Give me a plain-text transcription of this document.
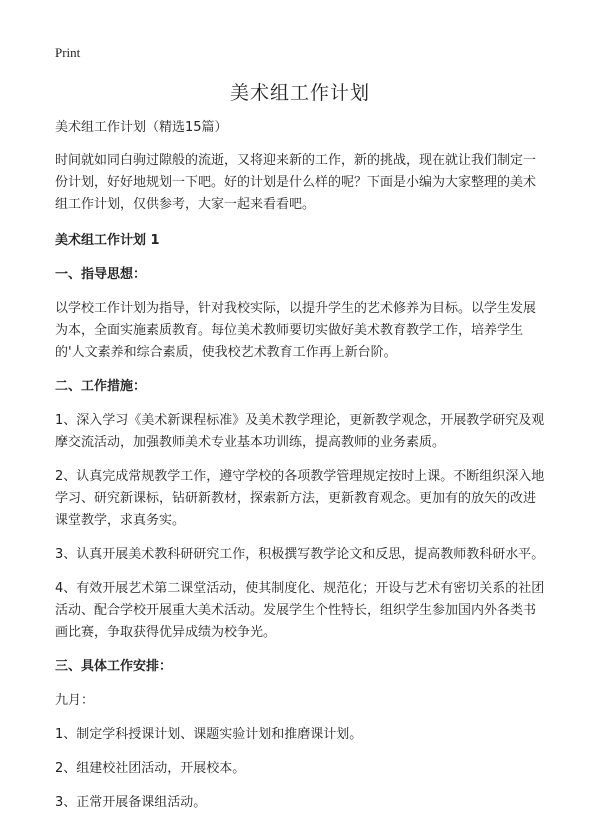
Print
美术组工作计划

美术组工作计划（精选15篇）

时间就如同白驹过隙般的流逝，又将迎来新的工作，新的挑战，现在就让我们制定一份计划，好好地规划一下吧。好的计划是什么样的呢？下面是小编为大家整理的美术组工作计划，仅供参考，大家一起来看看吧。

美术组工作计划 1

一、指导思想：

以学校工作计划为指导，针对我校实际，以提升学生的艺术修养为目标。以学生发展为本，全面实施素质教育。每位美术教师要切实做好美术教育教学工作，培养学生的'人文素养和综合素质，使我校艺术教育工作再上新台阶。

二、工作措施：

1、深入学习《美术新课程标准》及美术教学理论，更新教学观念，开展教学研究及观摩交流活动，加强教师美术专业基本功训练，提高教师的业务素质。

2、认真完成常规教学工作，遵守学校的各项教学管理规定按时上课。不断组织深入地学习、研究新课标，钻研新教材，探索新方法，更新教育观念。更加有的放矢的改进课堂教学，求真务实。

3、认真开展美术教科研研究工作，积极撰写教学论文和反思，提高教师教科研水平。

4、有效开展艺术第二课堂活动，使其制度化、规范化；开设与艺术有密切关系的社团活动、配合学校开展重大美术活动。发展学生个性特长，组织学生参加国内外各类书画比赛，争取获得优异成绩为校争光。

三、具体工作安排：

九月：

1、制定学科授课计划、课题实验计划和推磨课计划。

2、组建校社团活动，开展校本。

3、正常开展备课组活动。
